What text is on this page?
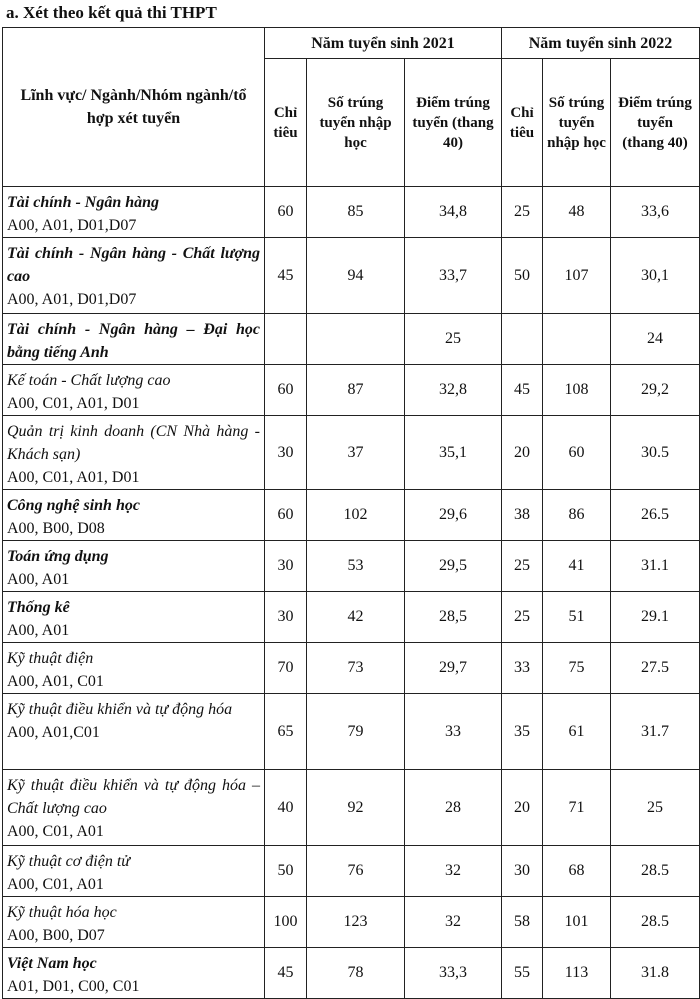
a. Xét theo kết quả thi THPT
Lĩnh vực/ Ngành/Nhóm ngành/tổ hợp xét tuyển	Năm tuyển sinh 2021			Năm tuyển sinh 2022		
	Chỉ tiêu	Số trúng tuyển nhập học	Điểm trúng tuyển (thang 40)	Chỉ tiêu	Số trúng tuyển nhập học	Điểm trúng tuyển (thang 40)

Tài chính - Ngân hàng
A00, A01, D01,D07	60	85	34,8	25	48	33,6

Tài chính - Ngân hàng - Chất lượng cao
A00, A01, D01,D07	45	94	33,7	50	107	30,1

Tài chính - Ngân hàng – Đại học bằng tiếng Anh			25			24

Kế toán - Chất lượng cao
A00, C01, A01, D01	60	87	32,8	45	108	29,2

Quản trị kinh doanh (CN Nhà hàng - Khách sạn)
A00, C01, A01, D01	30	37	35,1	20	60	30.5

Công nghệ sinh học
A00, B00, D08	60	102	29,6	38	86	26.5

Toán ứng dụng
A00, A01	30	53	29,5	25	41	31.1

Thống kê
A00, A01	30	42	28,5	25	51	29.1

Kỹ thuật điện
A00, A01, C01	70	73	29,7	33	75	27.5

Kỹ thuật điều khiển và tự động hóa
A00, A01,C01	65	79	33	35	61	31.7

Kỹ thuật điều khiển và tự động hóa – Chất lượng cao
A00, C01, A01	40	92	28	20	71	25

Kỹ thuật cơ điện tử
A00, C01, A01	50	76	32	30	68	28.5

Kỹ thuật hóa học
A00, B00, D07	100	123	32	58	101	28.5

Việt Nam học
A01, D01, C00, C01	45	78	33,3	55	113	31.8
